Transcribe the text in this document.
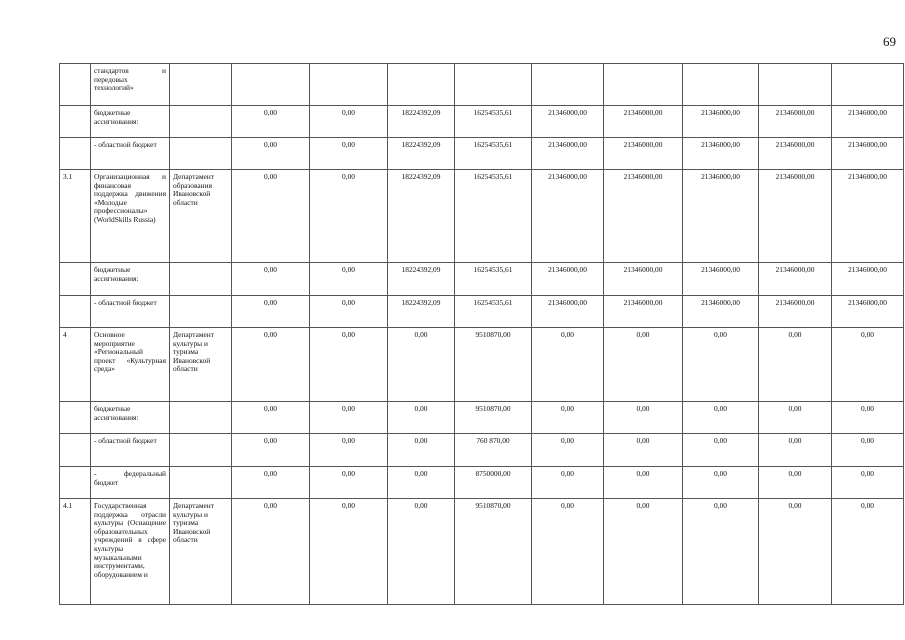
69
	стандартов и передовых технологий»										
	бюджетные ассигнования:		0,00	0,00	18224392,09	16254535,61	21346000,00	21346000,00	21346000,00	21346000,00	21346000,00
	- областной бюджет		0,00	0,00	18224392,09	16254535,61	21346000,00	21346000,00	21346000,00	21346000,00	21346000,00
3.1	Организационная и финансовая поддержка движения «Молодые профессионалы» (WorldSkills Russia)	Департамент образования Ивановской области	0,00	0,00	18224392,09	16254535,61	21346000,00	21346000,00	21346000,00	21346000,00	21346000,00
	бюджетные ассигнования:		0,00	0,00	18224392,09	16254535,61	21346000,00	21346000,00	21346000,00	21346000,00	21346000,00
	- областной бюджет		0,00	0,00	18224392,09	16254535,61	21346000,00	21346000,00	21346000,00	21346000,00	21346000,00
4	Основное мероприятие «Региональный проект «Культурная среда»	Департамент культуры и туризма Ивановской области	0,00	0,00	0,00	9510870,00	0,00	0,00	0,00	0,00	0,00
	бюджетные ассигнования:		0,00	0,00	0,00	9510870,00	0,00	0,00	0,00	0,00	0,00
	- областной бюджет		0,00	0,00	0,00	760 870,00	0,00	0,00	0,00	0,00	0,00
	- федеральный бюджет		0,00	0,00	0,00	8750000,00	0,00	0,00	0,00	0,00	0,00
4.1	Государственная поддержка отрасли культуры (Оснащение образовательных учреждений в сфере культуры музыкальными инструментами, оборудованием и	Департамент культуры и туризма Ивановской области	0,00	0,00	0,00	9510870,00	0,00	0,00	0,00	0,00	0,00
